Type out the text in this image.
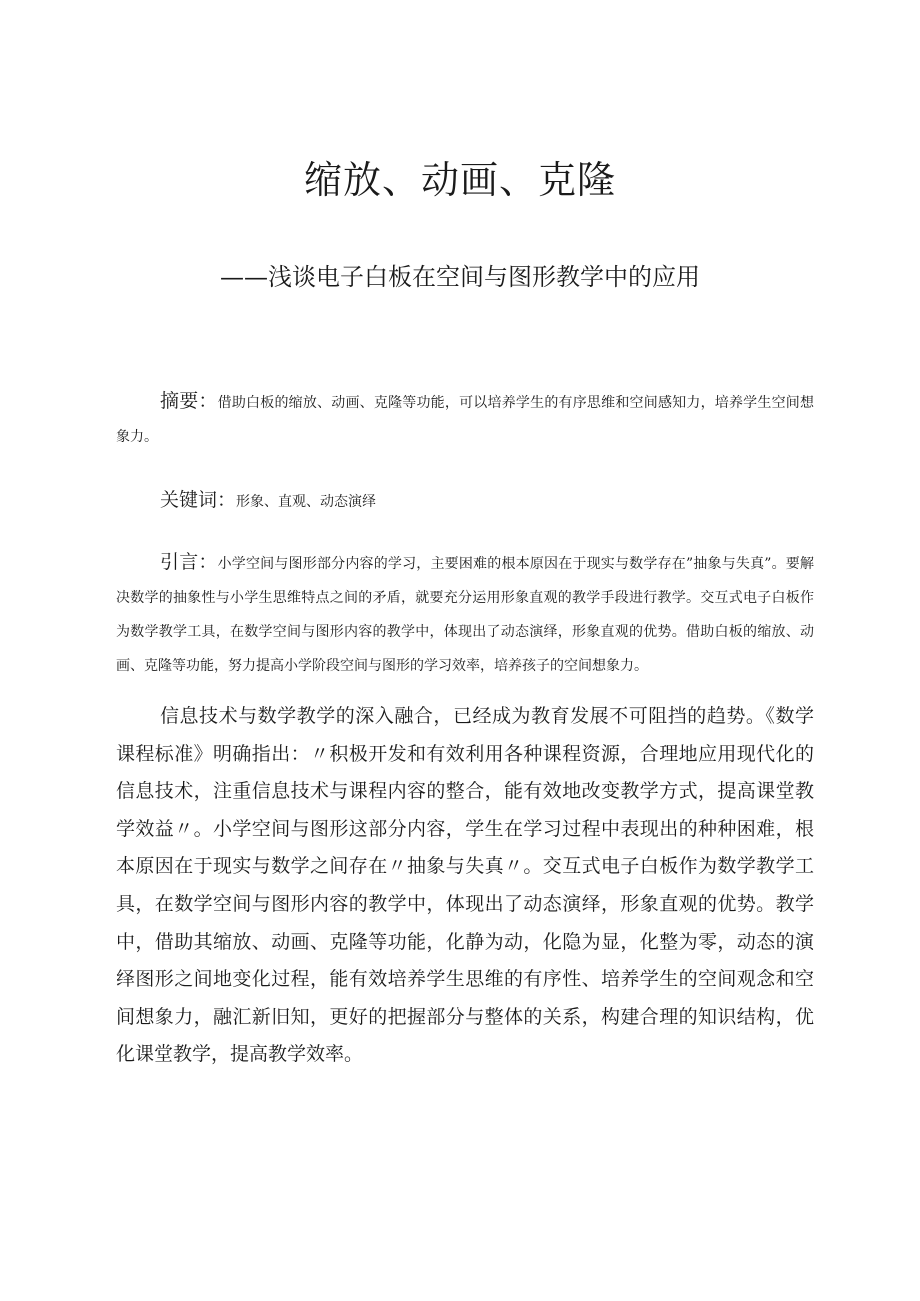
缩放、动画、克隆
——浅谈电子白板在空间与图形教学中的应用
摘要：借助白板的缩放、动画、克隆等功能，可以培养学生的有序思维和空间感知力，培养学生空间想象力。
关键词：形象、直观、动态演绎
引言：小学空间与图形部分内容的学习，主要困难的根本原因在于现实与数学存在”抽象与失真”。要解决数学的抽象性与小学生思维特点之间的矛盾，就要充分运用形象直观的教学手段进行教学。交互式电子白板作为数学教学工具，在数学空间与图形内容的教学中，体现出了动态演绎，形象直观的优势。借助白板的缩放、动画、克隆等功能，努力提高小学阶段空间与图形的学习效率，培养孩子的空间想象力。
信息技术与数学教学的深入融合，已经成为教育发展不可阻挡的趋势。《数学课程标准》明确指出：〃积极开发和有效利用各种课程资源，合理地应用现代化的信息技术，注重信息技术与课程内容的整合，能有效地改变教学方式，提高课堂教学效益〃。小学空间与图形这部分内容，学生在学习过程中表现出的种种困难，根本原因在于现实与数学之间存在〃抽象与失真〃。交互式电子白板作为数学教学工具，在数学空间与图形内容的教学中，体现出了动态演绎，形象直观的优势。教学中，借助其缩放、动画、克隆等功能，化静为动，化隐为显，化整为零，动态的演绎图形之间地变化过程，能有效培养学生思维的有序性、培养学生的空间观念和空间想象力，融汇新旧知，更好的把握部分与整体的关系，构建合理的知识结构，优化课堂教学，提高教学效率。
